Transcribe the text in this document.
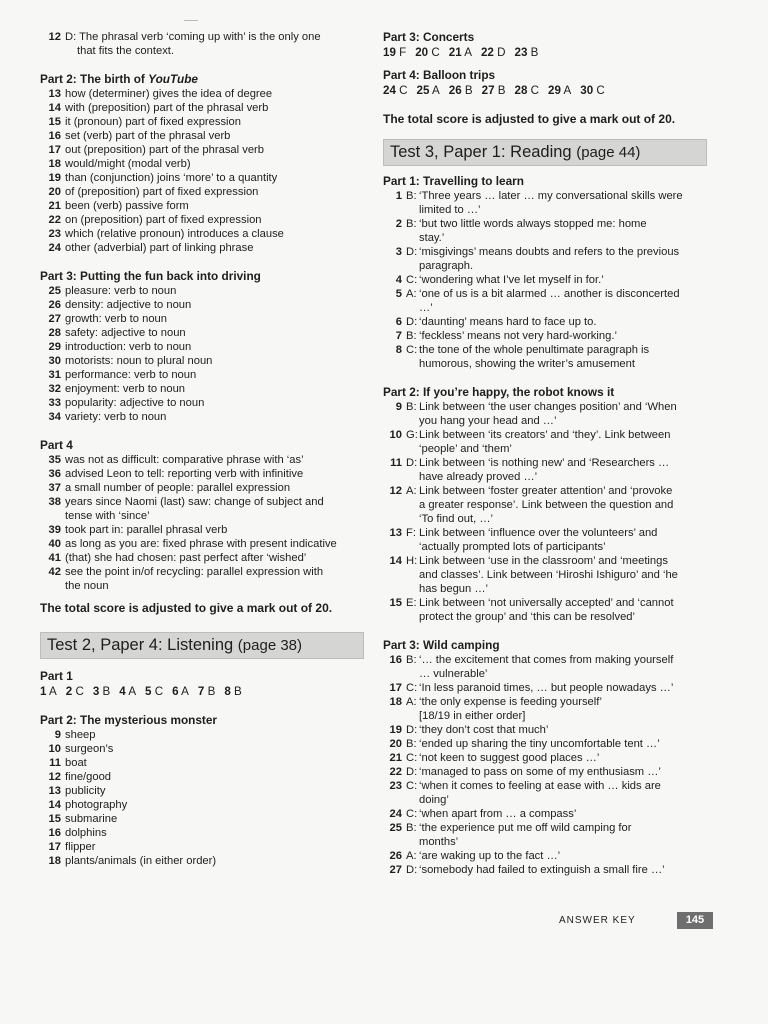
12 D: The phrasal verb ‘coming up with’ is the only one
that fits the context.
Part 2: The birth of YouTube
13 how (determiner) gives the idea of degree
14 with (preposition) part of the phrasal verb
15 it (pronoun) part of fixed expression
16 set (verb) part of the phrasal verb
17 out (preposition) part of the phrasal verb
18 would/might (modal verb)
19 than (conjunction) joins ‘more’ to a quantity
20 of (preposition) part of fixed expression
21 been (verb) passive form
22 on (preposition) part of fixed expression
23 which (relative pronoun) introduces a clause
24 other (adverbial) part of linking phrase
Part 3: Putting the fun back into driving
25 pleasure: verb to noun
26 density: adjective to noun
27 growth: verb to noun
28 safety: adjective to noun
29 introduction: verb to noun
30 motorists: noun to plural noun
31 performance: verb to noun
32 enjoyment: verb to noun
33 popularity: adjective to noun
34 variety: verb to noun
Part 4
35 was not as difficult: comparative phrase with ‘as’
36 advised Leon to tell: reporting verb with infinitive
37 a small number of people: parallel expression
38 years since Naomi (last) saw: change of subject and
tense with ‘since’
39 took part in: parallel phrasal verb
40 as long as you are: fixed phrase with present indicative
41 (that) she had chosen: past perfect after ‘wished’
42 see the point in/of recycling: parallel expression with
the noun
The total score is adjusted to give a mark out of 20.
Test 2, Paper 4: Listening (page 38)
Part 1
1 A 2 C 3 B 4 A 5 C 6 A 7 B 8 B
Part 2: The mysterious monster
9 sheep
10 surgeon’s
11 boat
12 fine/good
13 publicity
14 photography
15 submarine
16 dolphins
17 flipper
18 plants/animals (in either order)
Part 3: Concerts
19 F 20 C 21 A 22 D 23 B
Part 4: Balloon trips
24 C 25 A 26 B 27 B 28 C 29 A 30 C
The total score is adjusted to give a mark out of 20.
Test 3, Paper 1: Reading (page 44)
Part 1: Travelling to learn
1 B: ‘Three years … later … my conversational skills were
limited to …’
2 B: ‘but two little words always stopped me: home
stay.’
3 D: ‘misgivings’ means doubts and refers to the previous
paragraph.
4 C: ‘wondering what I’ve let myself in for.’
5 A: ‘one of us is a bit alarmed … another is disconcerted
…’
6 D: ‘daunting’ means hard to face up to.
7 B: ‘feckless’ means not very hard-working.’
8 C: the tone of the whole penultimate paragraph is
humorous, showing the writer’s amusement
Part 2: If you’re happy, the robot knows it
9 B: Link between ‘the user changes position’ and ‘When
you hang your head and …’
10 G: Link between ‘its creators’ and ‘they’. Link between
‘people’ and ‘them’
11 D: Link between ‘is nothing new’ and ‘Researchers …
have already proved …’
12 A: Link between ‘foster greater attention’ and ‘provoke
a greater response’. Link between the question and
‘To find out, …’
13 F: Link between ‘influence over the volunteers’ and
‘actually prompted lots of participants’
14 H: Link between ‘use in the classroom’ and ‘meetings
and classes’. Link between ‘Hiroshi Ishiguro’ and ‘he
has begun …’
15 E: Link between ‘not universally accepted’ and ‘cannot
protect the group’ and ‘this can be resolved’
Part 3: Wild camping
16 B: ‘… the excitement that comes from making yourself
… vulnerable’
17 C: ‘In less paranoid times, … but people nowadays …’
18 A: ‘the only expense is feeding yourself’
[18/19 in either order]
19 D: ‘they don’t cost that much’
20 B: ‘ended up sharing the tiny uncomfortable tent …’
21 C: ‘not keen to suggest good places …’
22 D: ‘managed to pass on some of my enthusiasm …’
23 C: ‘when it comes to feeling at ease with … kids are
doing’
24 C: ‘when apart from … a compass’
25 B: ‘the experience put me off wild camping for
months’
26 A: ‘are waking up to the fact …’
27 D: ‘somebody had failed to extinguish a small fire …’
ANSWER KEY	145
